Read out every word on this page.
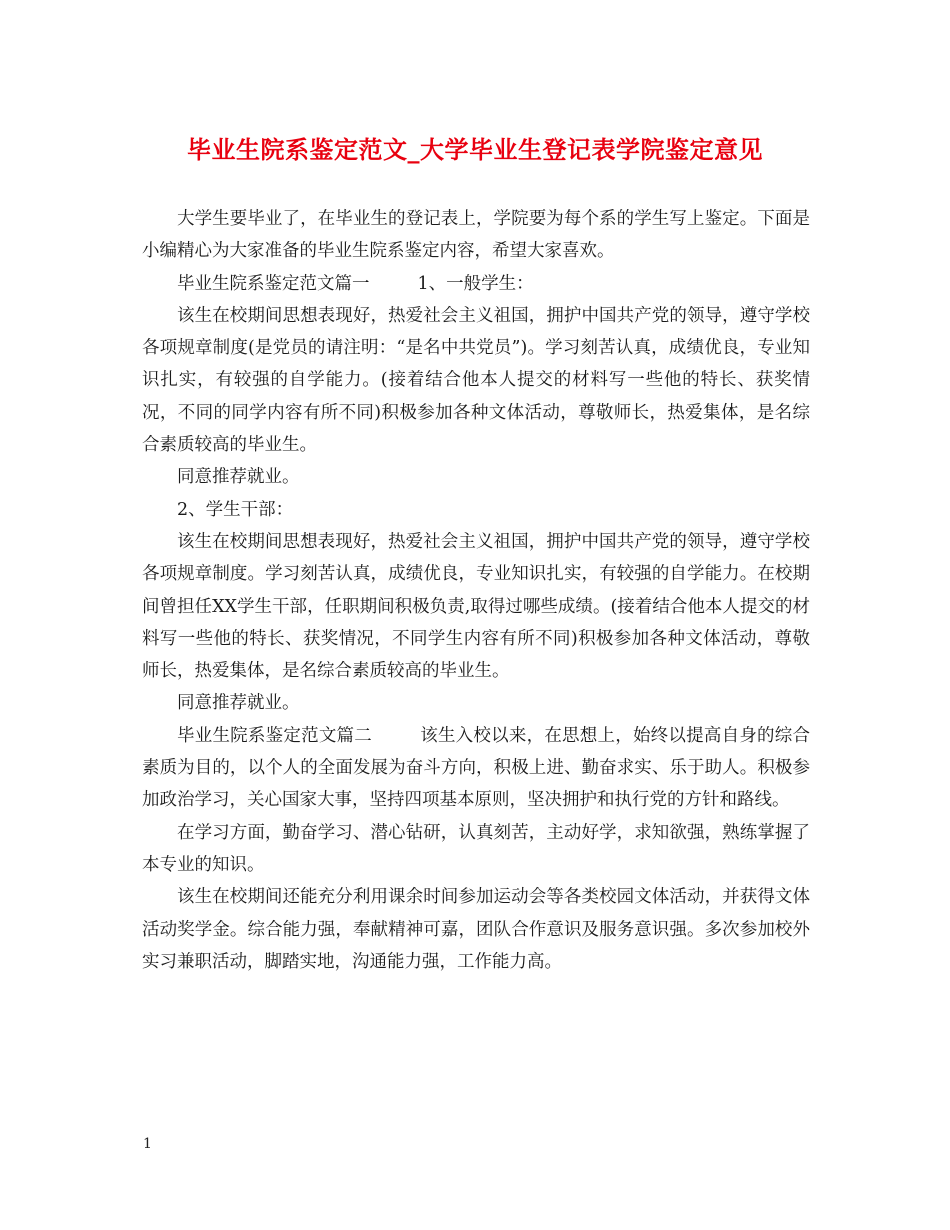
毕业生院系鉴定范文_大学毕业生登记表学院鉴定意见

大学生要毕业了，在毕业生的登记表上，学院要为每个系的学生写上鉴定。下面是小编精心为大家准备的毕业生院系鉴定内容，希望大家喜欢。

毕业生院系鉴定范文篇一	1、一般学生：

该生在校期间思想表现好，热爱社会主义祖国，拥护中国共产党的领导，遵守学校各项规章制度(是党员的请注明：“是名中共党员”)。学习刻苦认真，成绩优良，专业知识扎实，有较强的自学能力。(接着结合他本人提交的材料写一些他的特长、获奖情况，不同的同学内容有所不同)积极参加各种文体活动，尊敬师长，热爱集体，是名综合素质较高的毕业生。

同意推荐就业。

2、学生干部：

该生在校期间思想表现好，热爱社会主义祖国，拥护中国共产党的领导，遵守学校各项规章制度。学习刻苦认真，成绩优良，专业知识扎实，有较强的自学能力。在校期间曾担任XX学生干部，任职期间积极负责,取得过哪些成绩。(接着结合他本人提交的材料写一些他的特长、获奖情况，不同学生内容有所不同)积极参加各种文体活动，尊敬师长，热爱集体，是名综合素质较高的毕业生。

同意推荐就业。

毕业生院系鉴定范文篇二	该生入校以来，在思想上，始终以提高自身的综合素质为目的，以个人的全面发展为奋斗方向，积极上进、勤奋求实、乐于助人。积极参加政治学习，关心国家大事，坚持四项基本原则，坚决拥护和执行党的方针和路线。

在学习方面，勤奋学习、潜心钻研，认真刻苦，主动好学，求知欲强，熟练掌握了本专业的知识。

该生在校期间还能充分利用课余时间参加运动会等各类校园文体活动，并获得文体活动奖学金。综合能力强，奉献精神可嘉，团队合作意识及服务意识强。多次参加校外实习兼职活动，脚踏实地，沟通能力强，工作能力高。

1
